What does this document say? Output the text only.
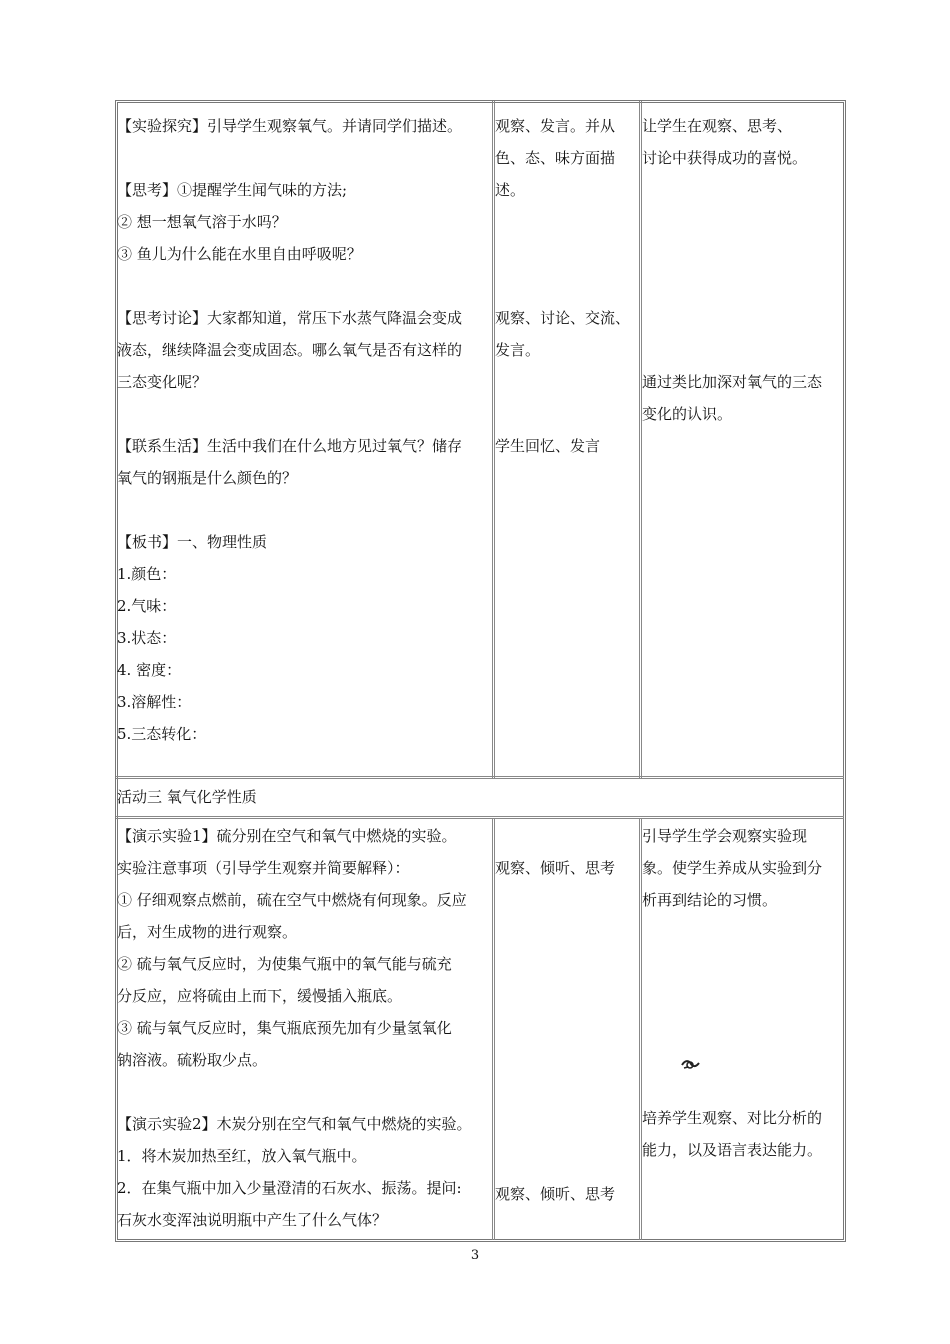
【实验探究】引导学生观察氧气。并请同学们描述。

【思考】①提醒学生闻气味的方法;

② 想一想氧气溶于水吗？

③ 鱼儿为什么能在水里自由呼吸呢？

【思考讨论】大家都知道，常压下水蒸气降温会变成

液态，继续降温会变成固态。哪么氧气是否有这样的

三态变化呢？

【联系生活】生活中我们在什么地方见过氧气？储存

氧气的钢瓶是什么颜色的？

【板书】一、物理性质

1.颜色：

2.气味：

3.状态：

4. 密度：

3.溶解性：

5.三态转化：

观察、发言。并从

色、态、味方面描

述。

观察、讨论、交流、

发言。

学生回忆、发言

让学生在观察、思考、

讨论中获得成功的喜悦。

通过类比加深对氧气的三态

变化的认识。

活动三 氧气化学性质

【演示实验1】硫分别在空气和氧气中燃烧的实验。

实验注意事项（引导学生观察并简要解释）：

① 仔细观察点燃前，硫在空气中燃烧有何现象。反应

后，对生成物的进行观察。

② 硫与氧气反应时，为使集气瓶中的氧气能与硫充

分反应，应将硫由上而下，缓慢插入瓶底。

③ 硫与氧气反应时，集气瓶底预先加有少量氢氧化

钠溶液。硫粉取少点。

【演示实验2】木炭分别在空气和氧气中燃烧的实验。

1．将木炭加热至红，放入氧气瓶中。

2．在集气瓶中加入少量澄清的石灰水、振荡。提问:

石灰水变浑浊说明瓶中产生了什么气体？

观察、倾听、思考

观察、倾听、思考

引导学生学会观察实验现

象。使学生养成从实验到分

析再到结论的习惯。

培养学生观察、对比分析的

能力，以及语言表达能力。

3
